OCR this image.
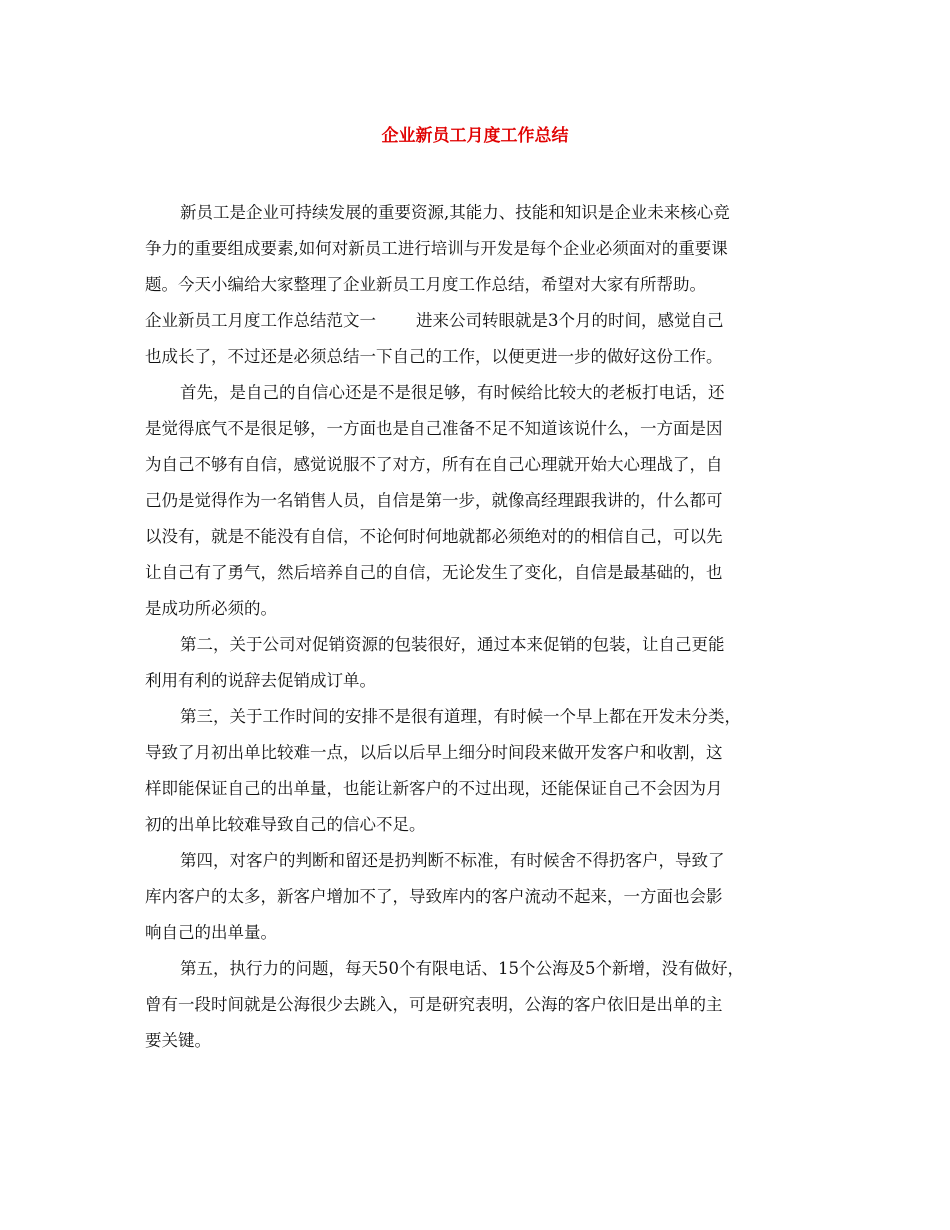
企业新员工月度工作总结
新员工是企业可持续发展的重要资源,其能力、技能和知识是企业未来核心竞
争力的重要组成要素,如何对新员工进行培训与开发是每个企业必须面对的重要课
题。今天小编给大家整理了企业新员工月度工作总结，希望对大家有所帮助。
企业新员工月度工作总结范文一 进来公司转眼就是3个月的时间，感觉自己
也成长了，不过还是必须总结一下自己的工作，以便更进一步的做好这份工作。
首先，是自己的自信心还是不是很足够，有时候给比较大的老板打电话，还
是觉得底气不是很足够，一方面也是自己准备不足不知道该说什么，一方面是因
为自己不够有自信，感觉说服不了对方，所有在自己心理就开始大心理战了，自
己仍是觉得作为一名销售人员，自信是第一步，就像高经理跟我讲的，什么都可
以没有，就是不能没有自信，不论何时何地就都必须绝对的的相信自己，可以先
让自己有了勇气，然后培养自己的自信，无论发生了变化，自信是最基础的，也
是成功所必须的。
第二，关于公司对促销资源的包装很好，通过本来促销的包装，让自己更能
利用有利的说辞去促销成订单。
第三，关于工作时间的安排不是很有道理，有时候一个早上都在开发未分类，
导致了月初出单比较难一点，以后以后早上细分时间段来做开发客户和收割，这
样即能保证自己的出单量，也能让新客户的不过出现，还能保证自己不会因为月
初的出单比较难导致自己的信心不足。
第四，对客户的判断和留还是扔判断不标准，有时候舍不得扔客户，导致了
库内客户的太多，新客户增加不了，导致库内的客户流动不起来，一方面也会影
响自己的出单量。
第五，执行力的问题，每天50个有限电话、15个公海及5个新增，没有做好，
曾有一段时间就是公海很少去跳入，可是研究表明，公海的客户依旧是出单的主
要关键。
